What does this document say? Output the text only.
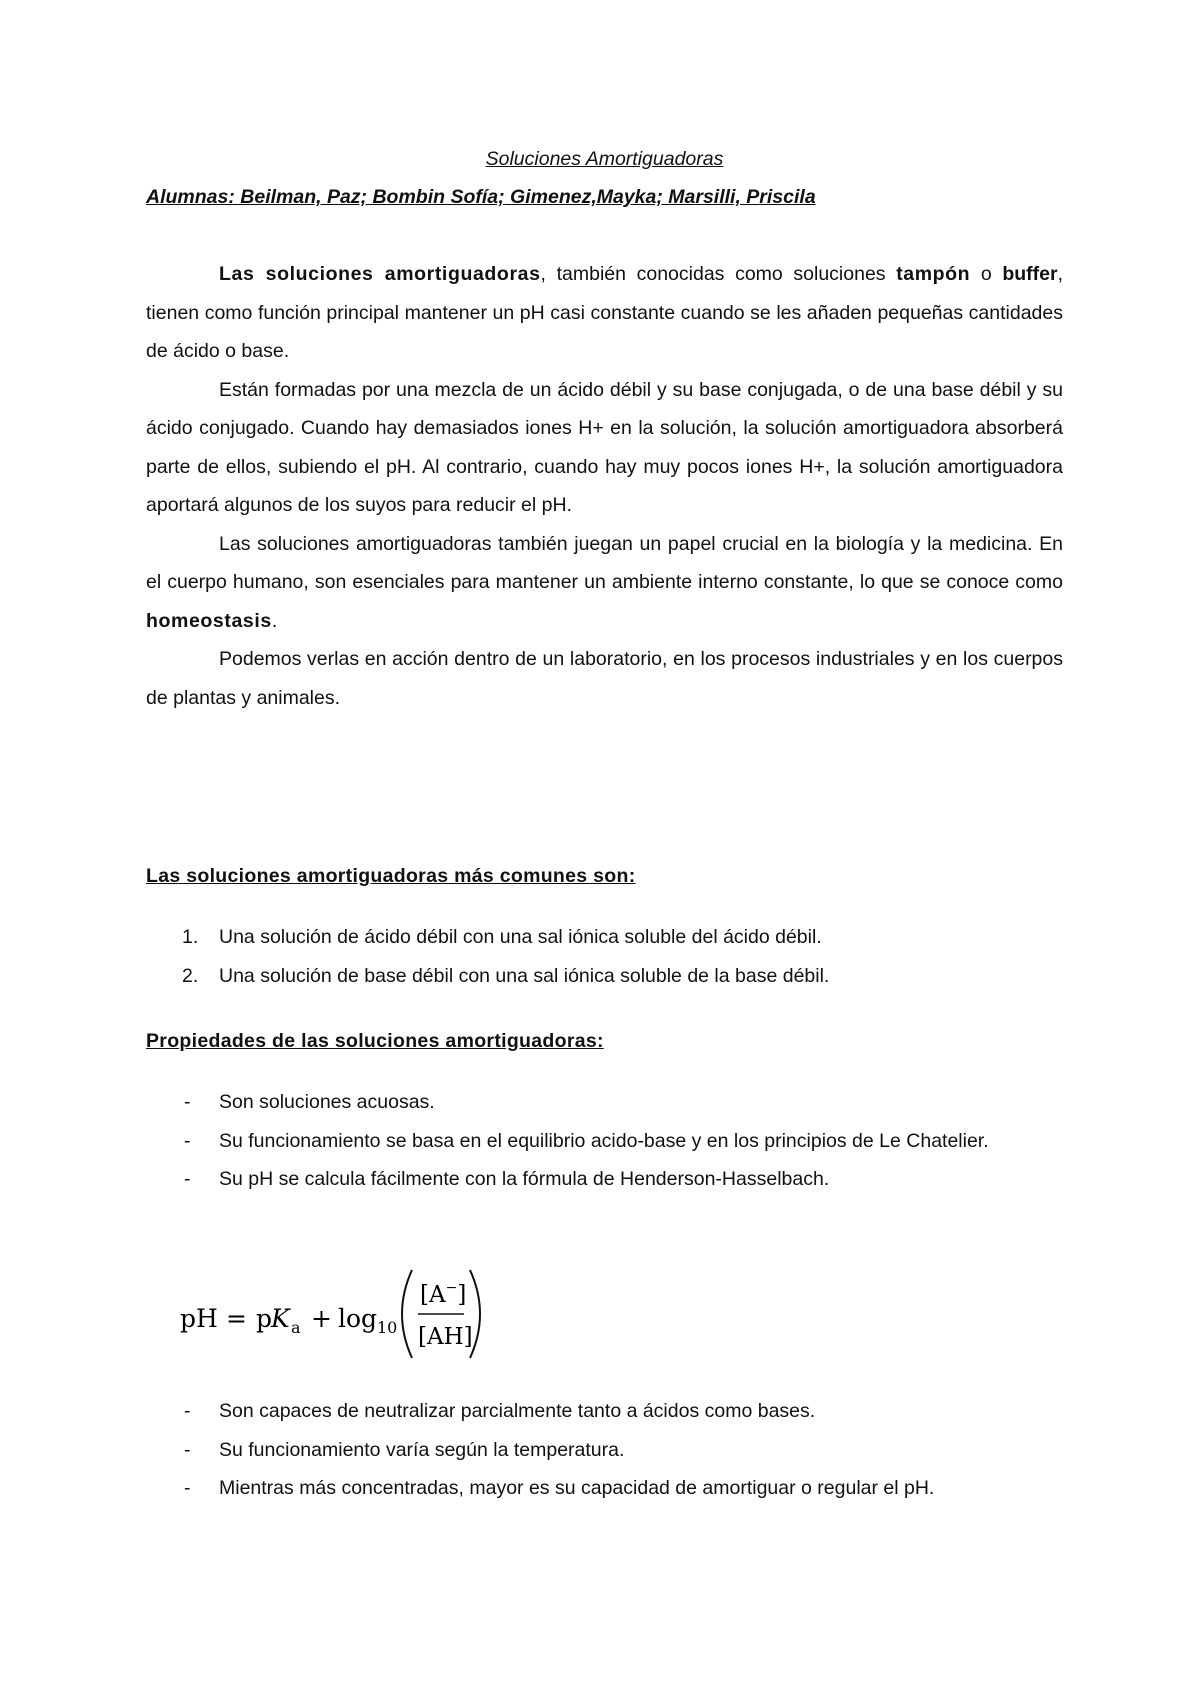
Soluciones Amortiguadoras
Alumnas: Beilman, Paz; Bombin Sofía; Gimenez,Mayka; Marsilli, Priscila

Las soluciones amortiguadoras, también conocidas como soluciones tampón o buffer, tienen como función principal mantener un pH casi constante cuando se les añaden pequeñas cantidades de ácido o base.

Están formadas por una mezcla de un ácido débil y su base conjugada, o de una base débil y su ácido conjugado. Cuando hay demasiados iones H+ en la solución, la solución amortiguadora absorberá parte de ellos, subiendo el pH. Al contrario, cuando hay muy pocos iones H+, la solución amortiguadora aportará algunos de los suyos para reducir el pH.

Las soluciones amortiguadoras también juegan un papel crucial en la biología y la medicina. En el cuerpo humano, son esenciales para mantener un ambiente interno constante, lo que se conoce como homeostasis.

Podemos verlas en acción dentro de un laboratorio, en los procesos industriales y en los cuerpos de plantas y animales.

Las soluciones amortiguadoras más comunes son:

1. Una solución de ácido débil con una sal iónica soluble del ácido débil.
2. Una solución de base débil con una sal iónica soluble de la base débil.

Propiedades de las soluciones amortiguadoras:

- Son soluciones acuosas.
- Su funcionamiento se basa en el equilibrio acido-base y en los principios de Le Chatelier.
- Su pH se calcula fácilmente con la fórmula de Henderson-Hasselbach.
- Son capaces de neutralizar parcialmente tanto a ácidos como bases.
- Su funcionamiento varía según la temperatura.
- Mientras más concentradas, mayor es su capacidad de amortiguar o regular el pH.
pH = p
K a + log 10
[A−]
[AH]
